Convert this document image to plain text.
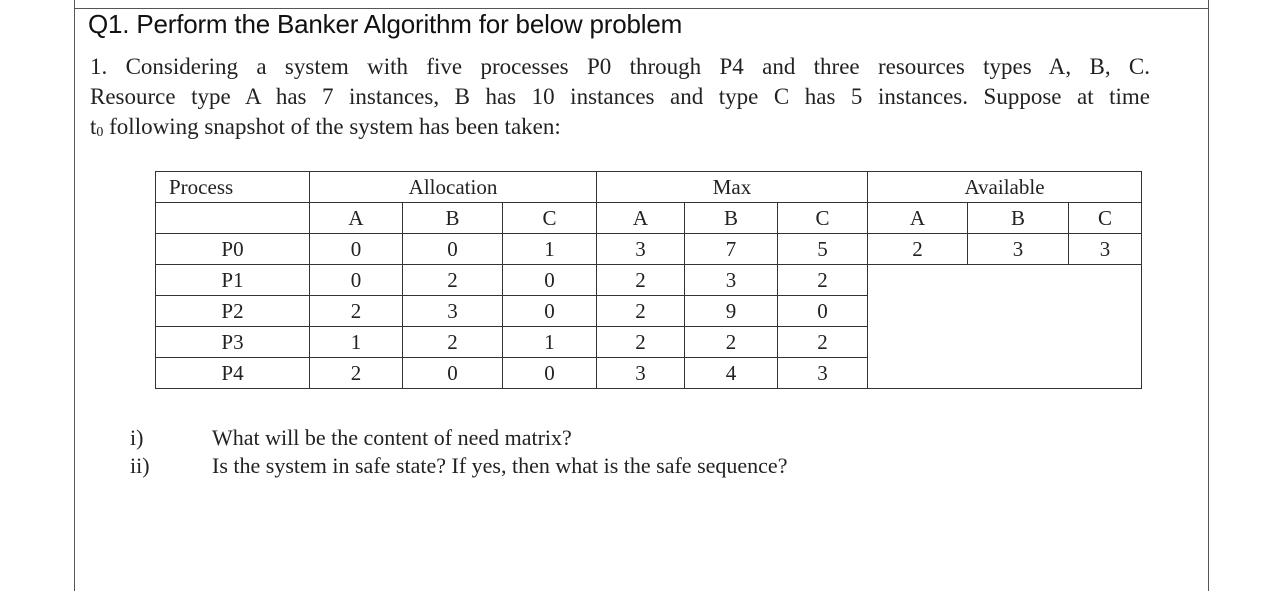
Q1. Perform the Banker Algorithm for below problem

1. Considering a system with five processes P0 through P4 and three resources types A, B, C.

Resource type A has 7 instances, B has 10 instances and type C has 5 instances. Suppose at time

$t_0$ following snapshot of the system has been taken:

Process	Allocation			Max			Available		
	A	B	C	A	B	C	A	B	C
P0	0	0	1	3	7	5	2	3	3
P1	0	2	0	2	3	2			
P2	2	3	0	2	9	0			
P3	1	2	1	2	2	2			
P4	2	0	0	3	4	3			
i)	What will be the content of need matrix?
ii)	Is the system in safe state? If yes, then what is the safe sequence?
